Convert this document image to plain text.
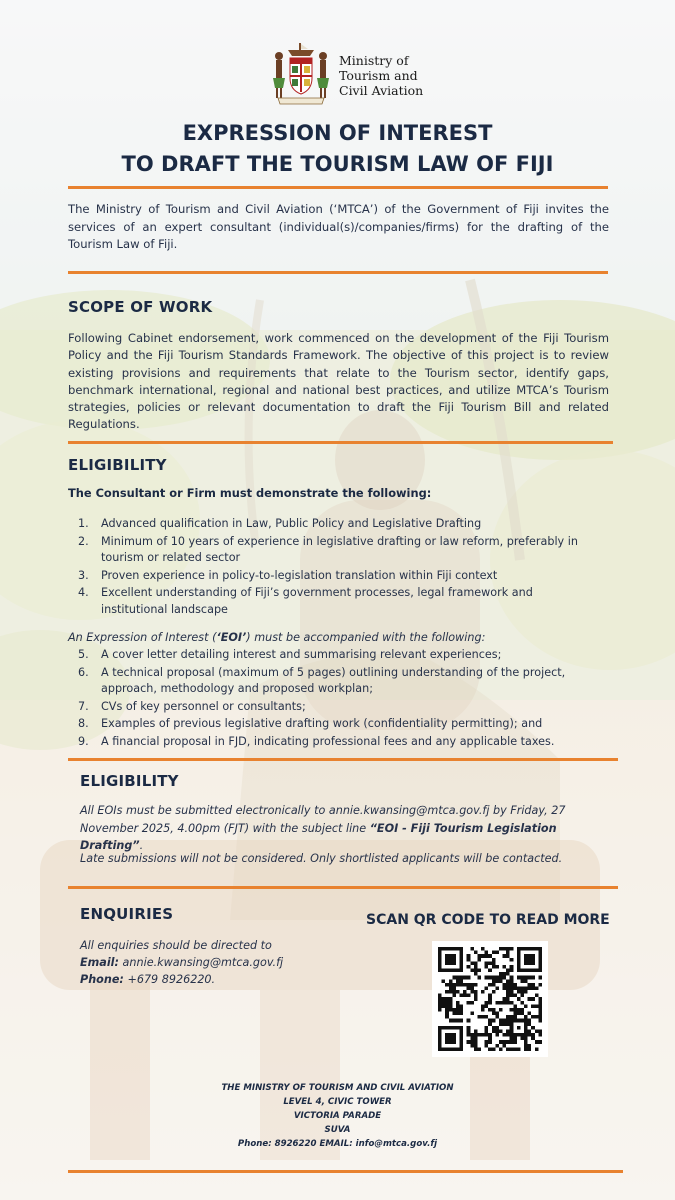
Ministry of
Tourism and
Civil Aviation
EXPRESSION OF INTEREST
TO DRAFT THE TOURISM LAW OF FIJI
The Ministry of Tourism and Civil Aviation (‘MTCA’) of the Government of Fiji invites the services of an expert consultant (individual(s)/companies/firms) for the drafting of the Tourism Law of Fiji.
SCOPE OF WORK
Following Cabinet endorsement, work commenced on the development of the Fiji Tourism Policy and the Fiji Tourism Standards Framework. The objective of this project is to review existing provisions and requirements that relate to the Tourism sector, identify gaps, benchmark international, regional and national best practices, and utilize MTCA’s Tourism strategies, policies or relevant documentation to draft the Fiji Tourism Bill and related Regulations.
ELIGIBILITY
The Consultant or Firm must demonstrate the following:
1. Advanced qualification in Law, Public Policy and Legislative Drafting
2. Minimum of 10 years of experience in legislative drafting or law reform, preferably in tourism or related sector
3. Proven experience in policy-to-legislation translation within Fiji context
4. Excellent understanding of Fiji’s government processes, legal framework and institutional landscape
An Expression of Interest (‘EOI’) must be accompanied with the following:
5. A cover letter detailing interest and summarising relevant experiences;
6. A technical proposal (maximum of 5 pages) outlining understanding of the project, approach, methodology and proposed workplan;
7. CVs of key personnel or consultants;
8. Examples of previous legislative drafting work (confidentiality permitting); and
9. A financial proposal in FJD, indicating professional fees and any applicable taxes.
ELIGIBILITY
All EOIs must be submitted electronically to annie.kwansing@mtca.gov.fj by Friday, 27 November 2025, 4.00pm (FJT) with the subject line “EOI - Fiji Tourism Legislation Drafting”.
Late submissions will not be considered. Only shortlisted applicants will be contacted.
ENQUIRIES
All enquiries should be directed to
Email: annie.kwansing@mtca.gov.fj
Phone: +679 8926220.
SCAN QR CODE TO READ MORE
THE MINISTRY OF TOURISM AND CIVIL AVIATION
LEVEL 4, CIVIC TOWER
VICTORIA PARADE
SUVA
Phone: 8926220 EMAIL: info@mtca.gov.fj
